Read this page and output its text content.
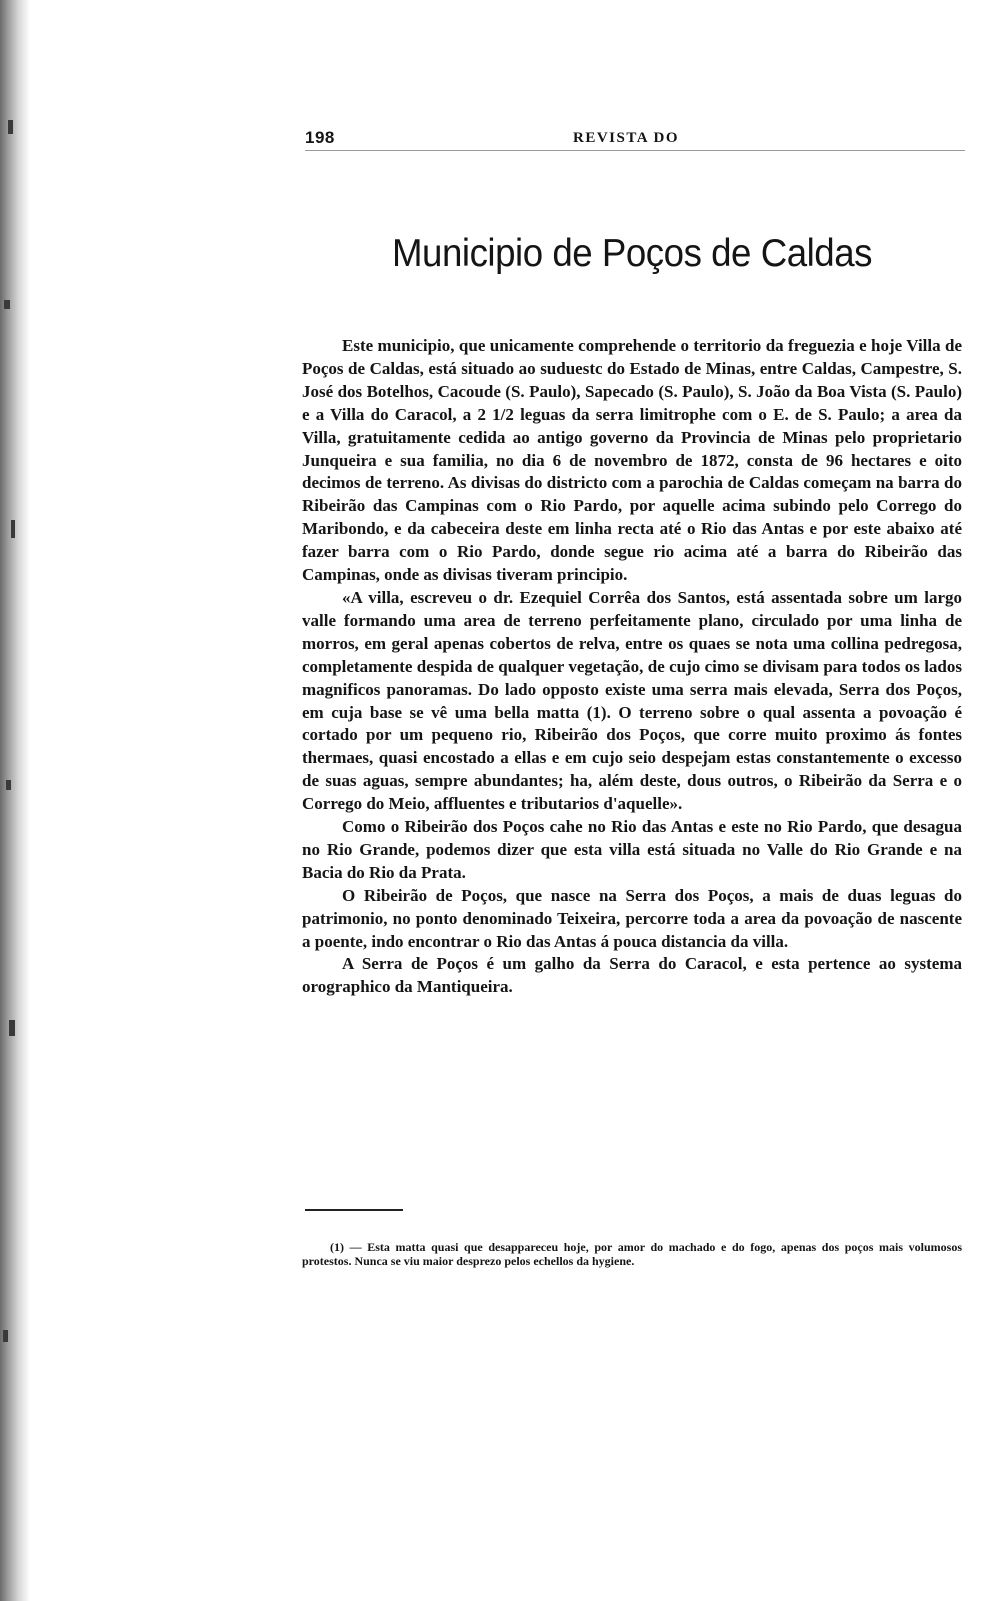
198	REVISTA DO
Municipio de Poços de Caldas

Este municipio, que unicamente comprehende o territorio da freguezia e hoje Villa de Poços de Caldas, está situado ao suduestc do Estado de Minas, entre Caldas, Campestre, S. José dos Botelhos, Cacoude (S. Paulo), Sapecado (S. Paulo), S. João da Boa Vista (S. Paulo) e a Villa do Caracol, a 2 1/2 leguas da serra limitrophe com o E. de S. Paulo; a area da Villa, gratuitamente cedida ao antigo governo da Provincia de Minas pelo proprietario Junqueira e sua familia, no dia 6 de novembro de 1872, consta de 96 hectares e oito decimos de terreno. As divisas do districto com a parochia de Caldas começam na barra do Ribeirão das Campinas com o Rio Pardo, por aquelle acima subindo pelo Corrego do Maribondo, e da cabeceira deste em linha recta até o Rio das Antas e por este abaixo até fazer barra com o Rio Pardo, donde segue rio acima até a barra do Ribeirão das Campinas, onde as divisas tiveram principio.

«A villa, escreveu o dr. Ezequiel Corrêa dos Santos, está assentada sobre um largo valle formando uma area de terreno perfeitamente plano, circulado por uma linha de morros, em geral apenas cobertos de relva, entre os quaes se nota uma collina pedregosa, completamente despida de qualquer vegetação, de cujo cimo se divisam para todos os lados magnificos panoramas. Do lado opposto existe uma serra mais elevada, Serra dos Poços, em cuja base se vê uma bella matta (1). O terreno sobre o qual assenta a povoação é cortado por um pequeno rio, Ribeirão dos Poços, que corre muito proximo ás fontes thermaes, quasi encostado a ellas e em cujo seio despejam estas constantemente o excesso de suas aguas, sempre abundantes; ha, além deste, dous outros, o Ribeirão da Serra e o Corrego do Meio, affluentes e tributarios d'aquelle».

Como o Ribeirão dos Poços cahe no Rio das Antas e este no Rio Pardo, que desagua no Rio Grande, podemos dizer que esta villa está situada no Valle do Rio Grande e na Bacia do Rio da Prata.

O Ribeirão de Poços, que nasce na Serra dos Poços, a mais de duas leguas do patrimonio, no ponto denominado Teixeira, percorre toda a area da povoação de nascente a poente, indo encontrar o Rio das Antas á pouca distancia da villa.

A Serra de Poços é um galho da Serra do Caracol, e esta pertence ao systema orographico da Mantiqueira.

(1) — Esta matta quasi que desappareceu hoje, por amor do machado e do fogo, apenas dos poços mais volumosos protestos. Nunca se viu maior desprezo pelos echellos da hygiene.
